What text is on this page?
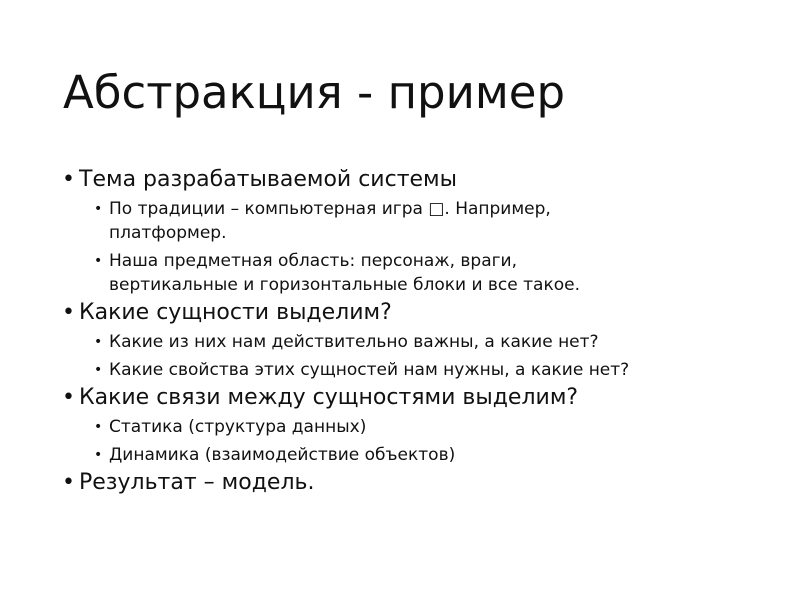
Абстракция - пример
• Тема разрабатываемой системы
• По традиции – компьютерная игра □. Например,
платформер.
• Наша предметная область: персонаж, враги,
вертикальные и горизонтальные блоки и все такое.
• Какие сущности выделим?
• Какие из них нам действительно важны, а какие нет?
• Какие свойства этих сущностей нам нужны, а какие нет?
• Какие связи между сущностями выделим?
• Статика (структура данных)
• Динамика (взаимодействие объектов)
• Результат – модель.
